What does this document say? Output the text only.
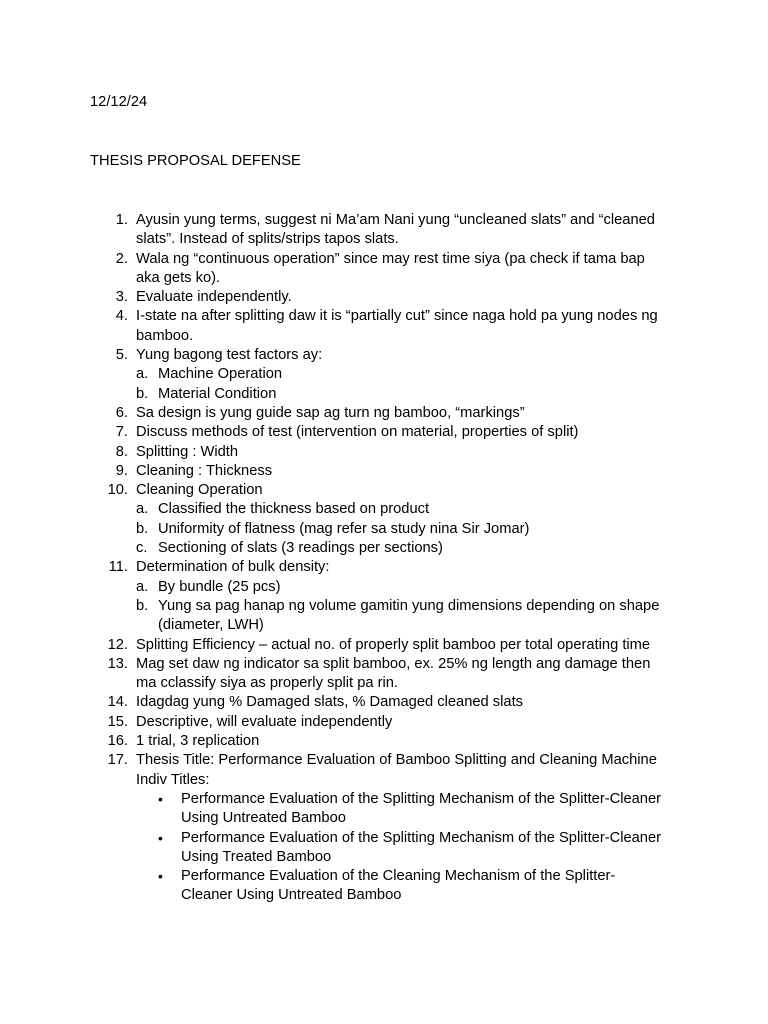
12/12/24
THESIS PROPOSAL DEFENSE
1. Ayusin yung terms, suggest ni Ma’am Nani yung “uncleaned slats” and “cleaned
slats”. Instead of splits/strips tapos slats.
2. Wala ng “continuous operation” since may rest time siya (pa check if tama bap
aka gets ko).
3. Evaluate independently.
4. I-state na after splitting daw it is “partially cut” since naga hold pa yung nodes ng
bamboo.
5. Yung bagong test factors ay:
a. Machine Operation
b. Material Condition
6. Sa design is yung guide sap ag turn ng bamboo, “markings”
7. Discuss methods of test (intervention on material, properties of split)
8. Splitting : Width
9. Cleaning : Thickness
10. Cleaning Operation
a. Classified the thickness based on product
b. Uniformity of flatness (mag refer sa study nina Sir Jomar)
c. Sectioning of slats (3 readings per sections)
11. Determination of bulk density:
a. By bundle (25 pcs)
b. Yung sa pag hanap ng volume gamitin yung dimensions depending on shape
(diameter, LWH)
12. Splitting Efficiency – actual no. of properly split bamboo per total operating time
13. Mag set daw ng indicator sa split bamboo, ex. 25% ng length ang damage then
ma cclassify siya as properly split pa rin.
14. Idagdag yung % Damaged slats, % Damaged cleaned slats
15. Descriptive, will evaluate independently
16. 1 trial, 3 replication
17. Thesis Title: Performance Evaluation of Bamboo Splitting and Cleaning Machine
Indiv Titles:
• Performance Evaluation of the Splitting Mechanism of the Splitter-Cleaner
Using Untreated Bamboo
• Performance Evaluation of the Splitting Mechanism of the Splitter-Cleaner
Using Treated Bamboo
• Performance Evaluation of the Cleaning Mechanism of the Splitter-
Cleaner Using Untreated Bamboo
